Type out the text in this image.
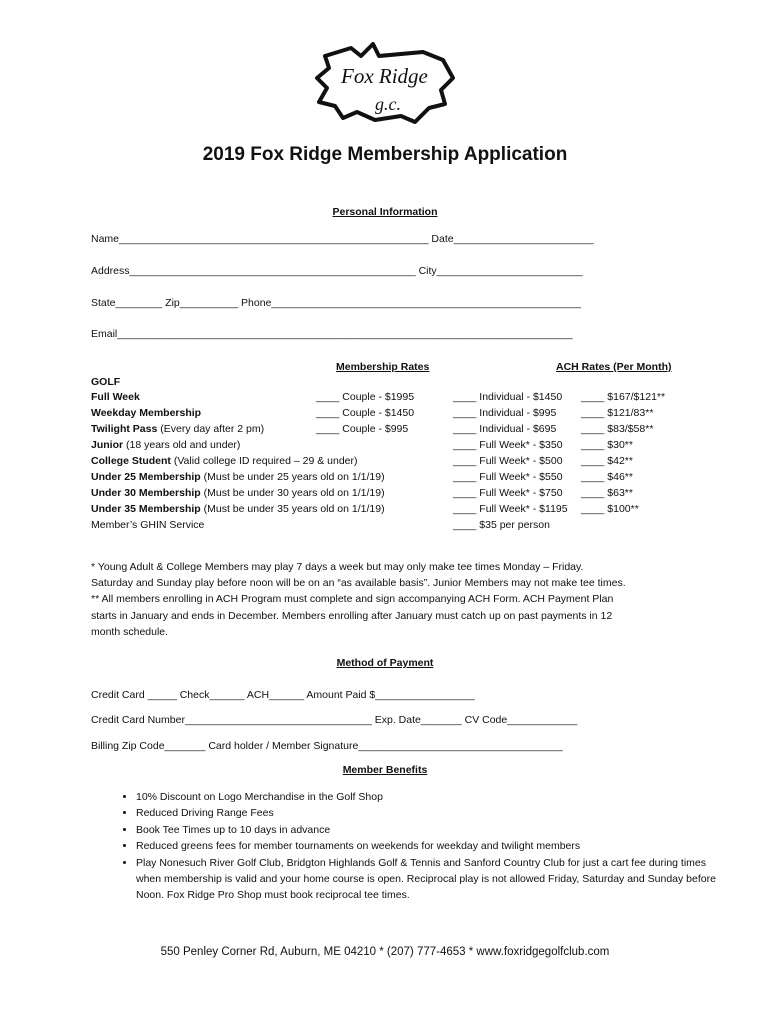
Fox Ridge
g.c.
2019 Fox Ridge Membership Application
Personal Information
Name_____________________________________________________ Date________________________
Address_________________________________________________ City_________________________
State________ Zip__________ Phone_____________________________________________________
Email______________________________________________________________________________
Membership Rates	ACH Rates (Per Month)
GOLF
Full Week	____ Couple - $1995	____ Individual - $1450 ____ $167/$121**
Weekday Membership	____ Couple - $1450	____ Individual - $995 ____ $121/83**
Twilight Pass (Every day after 2 pm)	____ Couple - $995	____ Individual - $695 ____ $83/$58**
Junior (18 years old and under)	____ Full Week* - $350 ____ $30**
College Student (Valid college ID required – 29 & under)	____ Full Week* - $500 ____ $42**
Under 25 Membership (Must be under 25 years old on 1/1/19)	____ Full Week* - $550 ____ $46**
Under 30 Membership (Must be under 30 years old on 1/1/19)	____ Full Week* - $750 ____ $63**
Under 35 Membership (Must be under 35 years old on 1/1/19)	____ Full Week* - $1195 ____ $100**
Member’s GHIN Service	____ $35 per person

* Young Adult & College Members may play 7 days a week but may only make tee times Monday – Friday.

Saturday and Sunday play before noon will be on an “as available basis”. Junior Members may not make tee times.

** All members enrolling in ACH Program must complete and sign accompanying ACH Form. ACH Payment Plan

starts in January and ends in December. Members enrolling after January must catch up on past payments in 12

month schedule.

Method of Payment
Credit Card _____ Check______ ACH______ Amount Paid $_________________
Credit Card Number________________________________ Exp. Date_______ CV Code____________
Billing Zip Code_______ Card holder / Member Signature___________________________________
Member Benefits
• 10% Discount on Logo Merchandise in the Golf Shop
• Reduced Driving Range Fees
• Book Tee Times up to 10 days in advance
• Reduced greens fees for member tournaments on weekends for weekday and twilight members
• Play Nonesuch River Golf Club, Bridgton Highlands Golf & Tennis and Sanford Country Club for just a cart fee during times when membership is valid and your home course is open. Reciprocal play is not allowed Friday, Saturday and Sunday before Noon. Fox Ridge Pro Shop must book reciprocal tee times.
550 Penley Corner Rd, Auburn, ME 04210 * (207) 777-4653 * www.foxridgegolfclub.com
